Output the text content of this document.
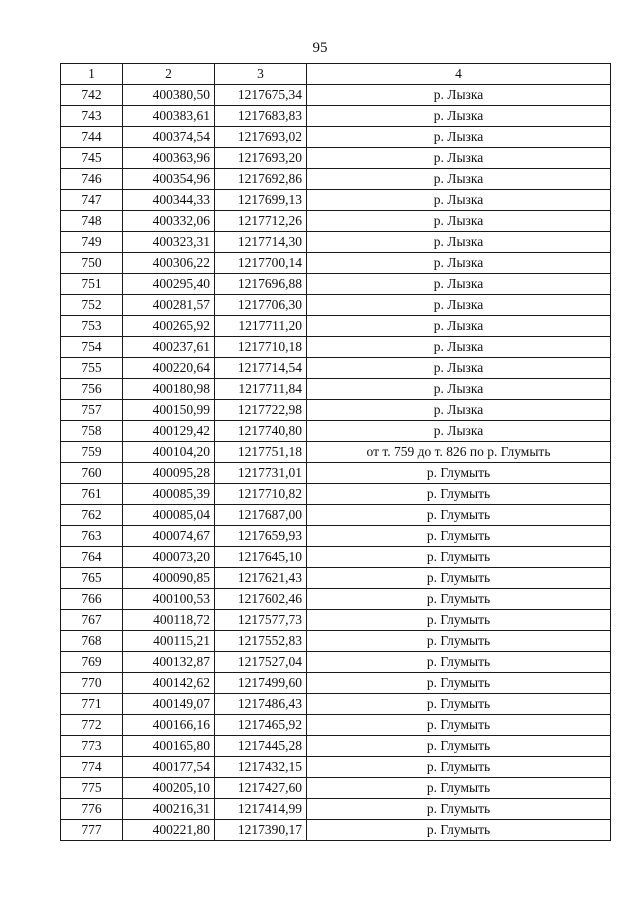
95
1	2	3	4
742	400380,50	1217675,34	р. Лызка
743	400383,61	1217683,83	р. Лызка
744	400374,54	1217693,02	р. Лызка
745	400363,96	1217693,20	р. Лызка
746	400354,96	1217692,86	р. Лызка
747	400344,33	1217699,13	р. Лызка
748	400332,06	1217712,26	р. Лызка
749	400323,31	1217714,30	р. Лызка
750	400306,22	1217700,14	р. Лызка
751	400295,40	1217696,88	р. Лызка
752	400281,57	1217706,30	р. Лызка
753	400265,92	1217711,20	р. Лызка
754	400237,61	1217710,18	р. Лызка
755	400220,64	1217714,54	р. Лызка
756	400180,98	1217711,84	р. Лызка
757	400150,99	1217722,98	р. Лызка
758	400129,42	1217740,80	р. Лызка
759	400104,20	1217751,18	от т. 759 до т. 826 по р. Глумыть
760	400095,28	1217731,01	р. Глумыть
761	400085,39	1217710,82	р. Глумыть
762	400085,04	1217687,00	р. Глумыть
763	400074,67	1217659,93	р. Глумыть
764	400073,20	1217645,10	р. Глумыть
765	400090,85	1217621,43	р. Глумыть
766	400100,53	1217602,46	р. Глумыть
767	400118,72	1217577,73	р. Глумыть
768	400115,21	1217552,83	р. Глумыть
769	400132,87	1217527,04	р. Глумыть
770	400142,62	1217499,60	р. Глумыть
771	400149,07	1217486,43	р. Глумыть
772	400166,16	1217465,92	р. Глумыть
773	400165,80	1217445,28	р. Глумыть
774	400177,54	1217432,15	р. Глумыть
775	400205,10	1217427,60	р. Глумыть
776	400216,31	1217414,99	р. Глумыть
777	400221,80	1217390,17	р. Глумыть
